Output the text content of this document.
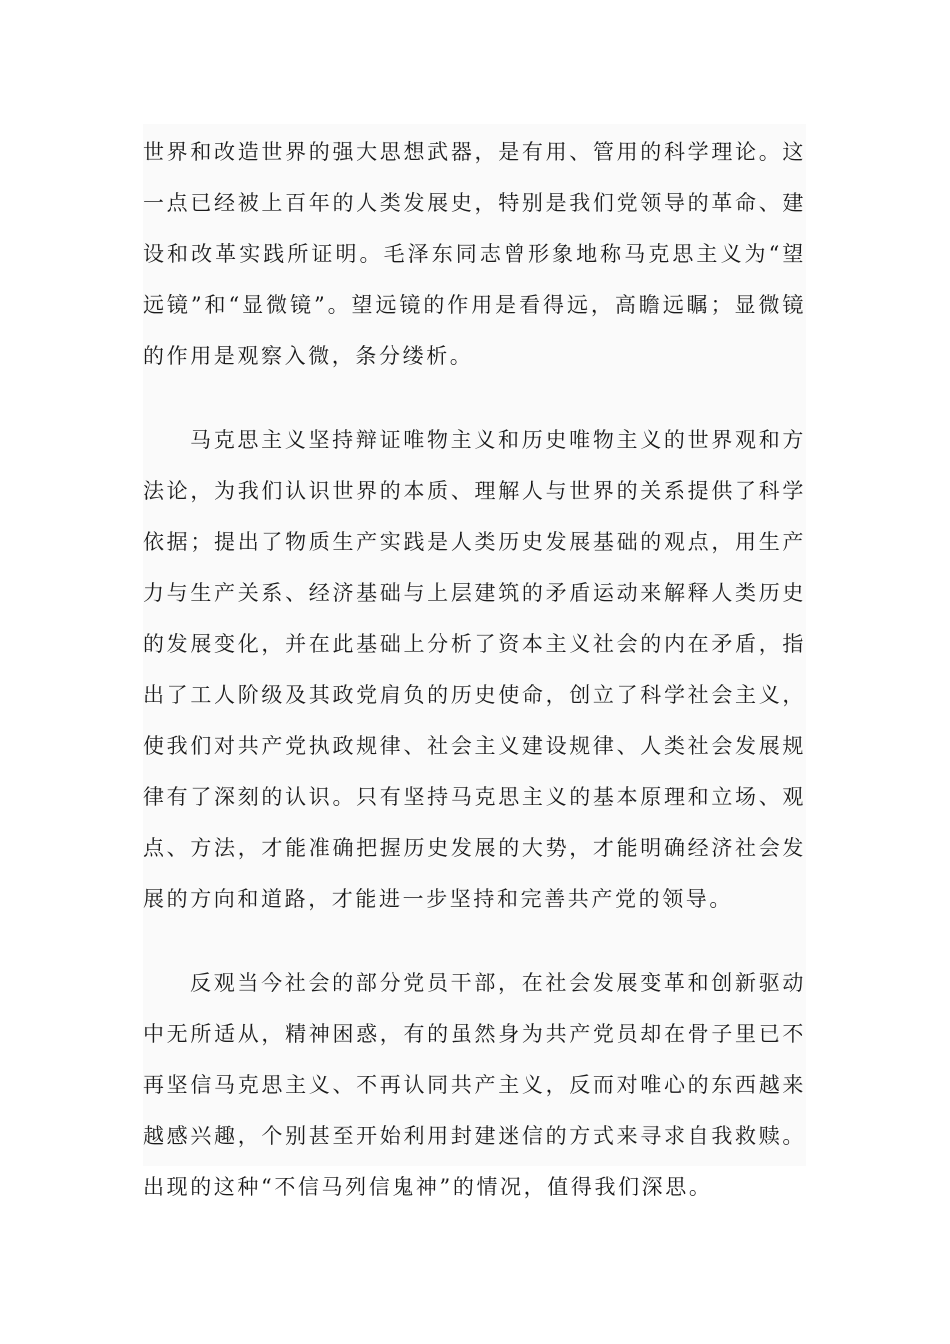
世界和改造世界的强大思想武器，是有用、管用的科学理论。这一点已经被上百年的人类发展史，特别是我们党领导的革命、建设和改革实践所证明。毛泽东同志曾形象地称马克思主义为“望远镜”和“显微镜”。望远镜的作用是看得远，高瞻远瞩；显微镜的作用是观察入微，条分缕析。

马克思主义坚持辩证唯物主义和历史唯物主义的世界观和方法论，为我们认识世界的本质、理解人与世界的关系提供了科学依据；提出了物质生产实践是人类历史发展基础的观点，用生产力与生产关系、经济基础与上层建筑的矛盾运动来解释人类历史的发展变化，并在此基础上分析了资本主义社会的内在矛盾，指出了工人阶级及其政党肩负的历史使命，创立了科学社会主义，使我们对共产党执政规律、社会主义建设规律、人类社会发展规律有了深刻的认识。只有坚持马克思主义的基本原理和立场、观点、方法，才能准确把握历史发展的大势，才能明确经济社会发展的方向和道路，才能进一步坚持和完善共产党的领导。

反观当今社会的部分党员干部，在社会发展变革和创新驱动中无所适从，精神困惑，有的虽然身为共产党员却在骨子里已不再坚信马克思主义、不再认同共产主义，反而对唯心的东西越来越感兴趣，个别甚至开始利用封建迷信的方式来寻求自我救赎。出现的这种“不信马列信鬼神”的情况，值得我们深思。
